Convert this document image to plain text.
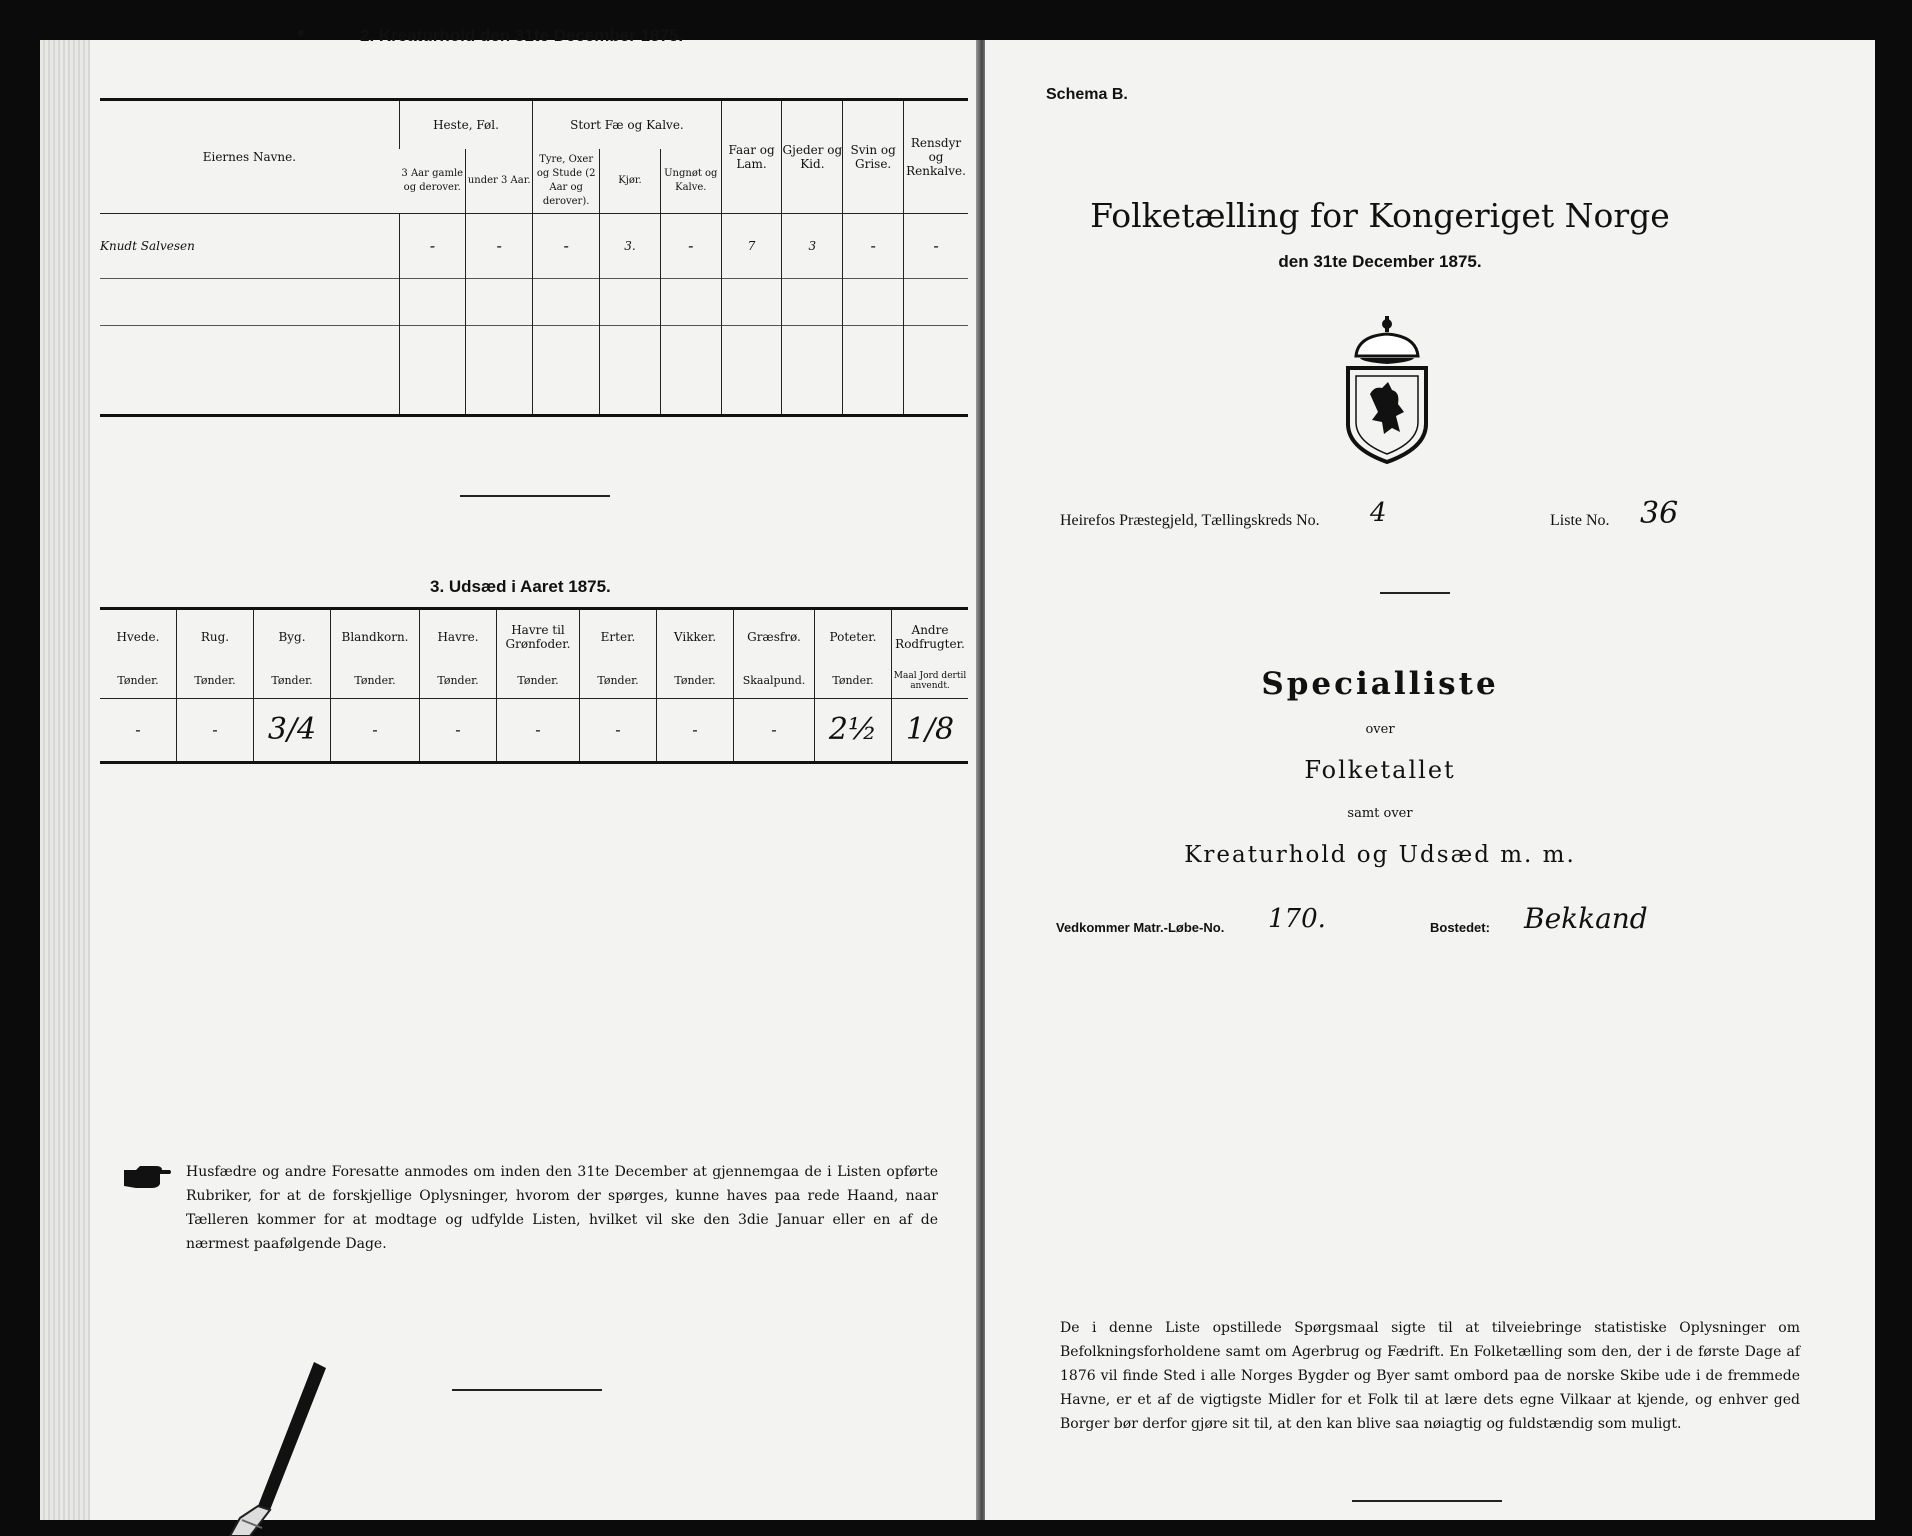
2. Kreaturhold den 31te December 1875.
Eiernes Navne.	Heste, Føl.		Stort Fæ og Kalve.			Faar og Lam.	Gjeder og Kid.	Svin og Grise.	Rensdyr og Renkalve.
	3 Aar gamle og derover.	under 3 Aar.	Tyre, Oxer og Stude (2 Aar og derover).	Kjør.	Ungnøt og Kalve.				
Knudt Salvesen	-	-	-	3.	-	7	3	-	-

3. Udsæd i Aaret 1875.
Hvede.	Rug.	Byg.	Blandkorn.	Havre.	Havre til Grønfoder.	Erter.	Vikker.	Græsfrø.	Poteter.	Andre Rodfrugter.
Tønder.	Tønder.	Tønder.	Tønder.	Tønder.	Tønder.	Tønder.	Tønder.	Skaalpund.	Tønder.	Maal Jord dertil anvendt.
-	-	3/4	-	-	-	-	-	-	2½	1/8

Husfædre og andre Foresatte anmodes om inden den 31te December at gjennemgaa de i Listen opførte Rubriker, for at de forskjellige Oplysninger, hvorom der spørges, kunne haves paa rede Haand, naar Tælleren kommer for at modtage og udfylde Listen, hvilket vil ske den 3die Januar eller en af de nærmest paafølgende Dage.
Schema B.
Folketælling for Kongeriget Norge
den 31te December 1875.
Heirefos Præstegjeld, Tællingskreds No. 4	Liste No. 36
Specialliste
over
Folketallet
samt over
Kreaturhold og Udsæd m. m.
Vedkommer Matr.-Løbe-No. 170.	Bostedet: Bekkand
De i denne Liste opstillede Spørgsmaal sigte til at tilveiebringe statistiske Oplysninger om Befolkningsforholdene samt om Agerbrug og Fædrift. En Folketælling som den, der i de første Dage af 1876 vil finde Sted i alle Norges Bygder og Byer samt ombord paa de norske Skibe ude i de fremmede Havne, er et af de vigtigste Midler for et Folk til at lære dets egne Vilkaar at kjende, og enhver ged Borger bør derfor gjøre sit til, at den kan blive saa nøiagtig og fuldstændig som muligt.
